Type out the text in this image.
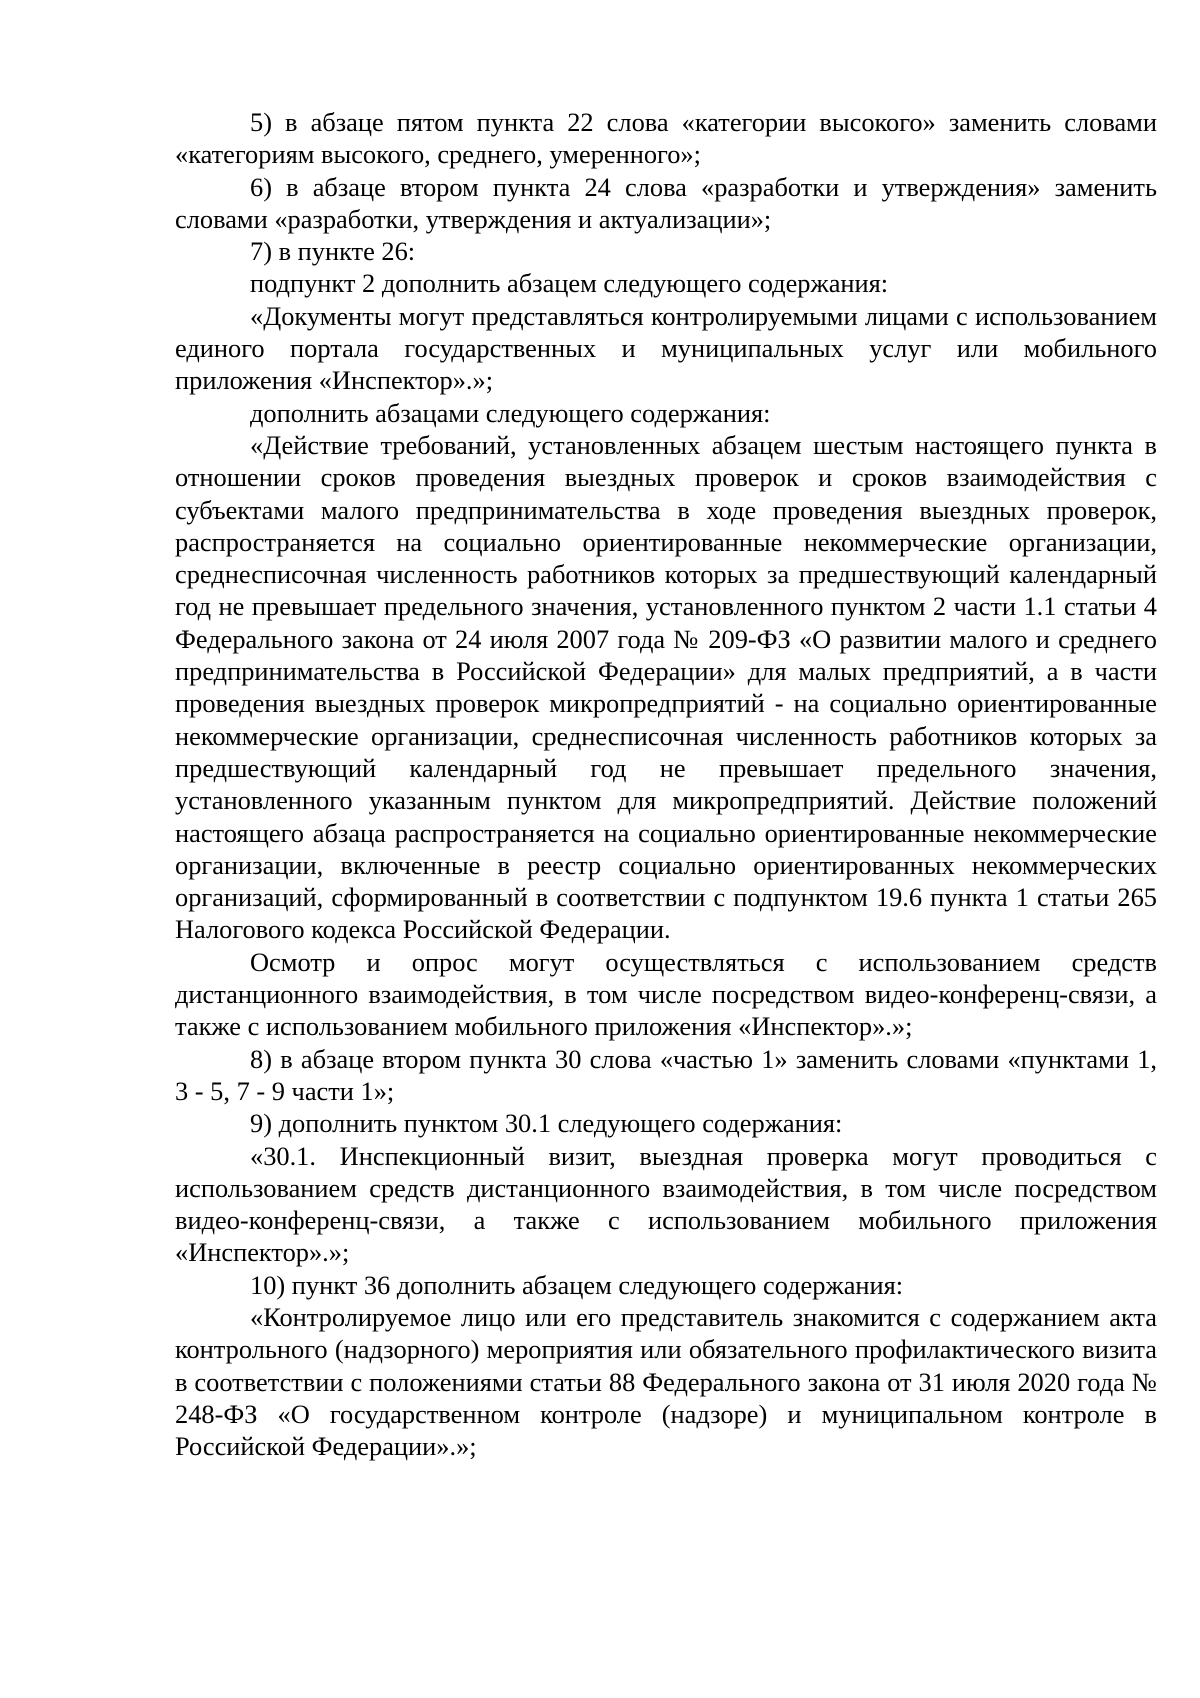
5) в абзаце пятом пункта 22 слова «категории высокого» заменить словами «категориям высокого, среднего, умеренного»;

6) в абзаце втором пункта 24 слова «разработки и утверждения» заменить словами «разработки, утверждения и актуализации»;

7) в пункте 26:

подпункт 2 дополнить абзацем следующего содержания:

«Документы могут представляться контролируемыми лицами с использованием единого портала государственных и муниципальных услуг или мобильного приложения «Инспектор».»;

дополнить абзацами следующего содержания:

«Действие требований, установленных абзацем шестым настоящего пункта в отношении сроков проведения выездных проверок и сроков взаимодействия с субъектами малого предпринимательства в ходе проведения выездных проверок, распространяется на социально ориентированные некоммерческие организации, среднесписочная численность работников которых за предшествующий календарный год не превышает предельного значения, установленного пунктом 2 части 1.1 статьи 4 Федерального закона от 24 июля 2007 года № 209-ФЗ «О развитии малого и среднего предпринимательства в Российской Федерации» для малых предприятий, а в части проведения выездных проверок микропредприятий - на социально ориентированные некоммерческие организации, среднесписочная численность работников которых за предшествующий календарный год не превышает предельного значения, установленного указанным пунктом для микропредприятий. Действие положений настоящего абзаца распространяется на социально ориентированные некоммерческие организации, включенные в реестр социально ориентированных некоммерческих организаций, сформированный в соответствии с подпунктом 19.6 пункта 1 статьи 265 Налогового кодекса Российской Федерации.

Осмотр и опрос могут осуществляться с использованием средств дистанционного взаимодействия, в том числе посредством видео-конференц-связи, а также с использованием мобильного приложения «Инспектор».»;

8) в абзаце втором пункта 30 слова «частью 1» заменить словами «пунктами 1, 3 - 5, 7 - 9 части 1»;

9) дополнить пунктом 30.1 следующего содержания:

«30.1. Инспекционный визит, выездная проверка могут проводиться с использованием средств дистанционного взаимодействия, в том числе посредством видео-конференц-связи, а также с использованием мобильного приложения «Инспектор».»;

10) пункт 36 дополнить абзацем следующего содержания:

«Контролируемое лицо или его представитель знакомится с содержанием акта контрольного (надзорного) мероприятия или обязательного профилактического визита в соответствии с положениями статьи 88 Федерального закона от 31 июля 2020 года № 248-ФЗ «О государственном контроле (надзоре) и муниципальном контроле в Российской Федерации».»;
